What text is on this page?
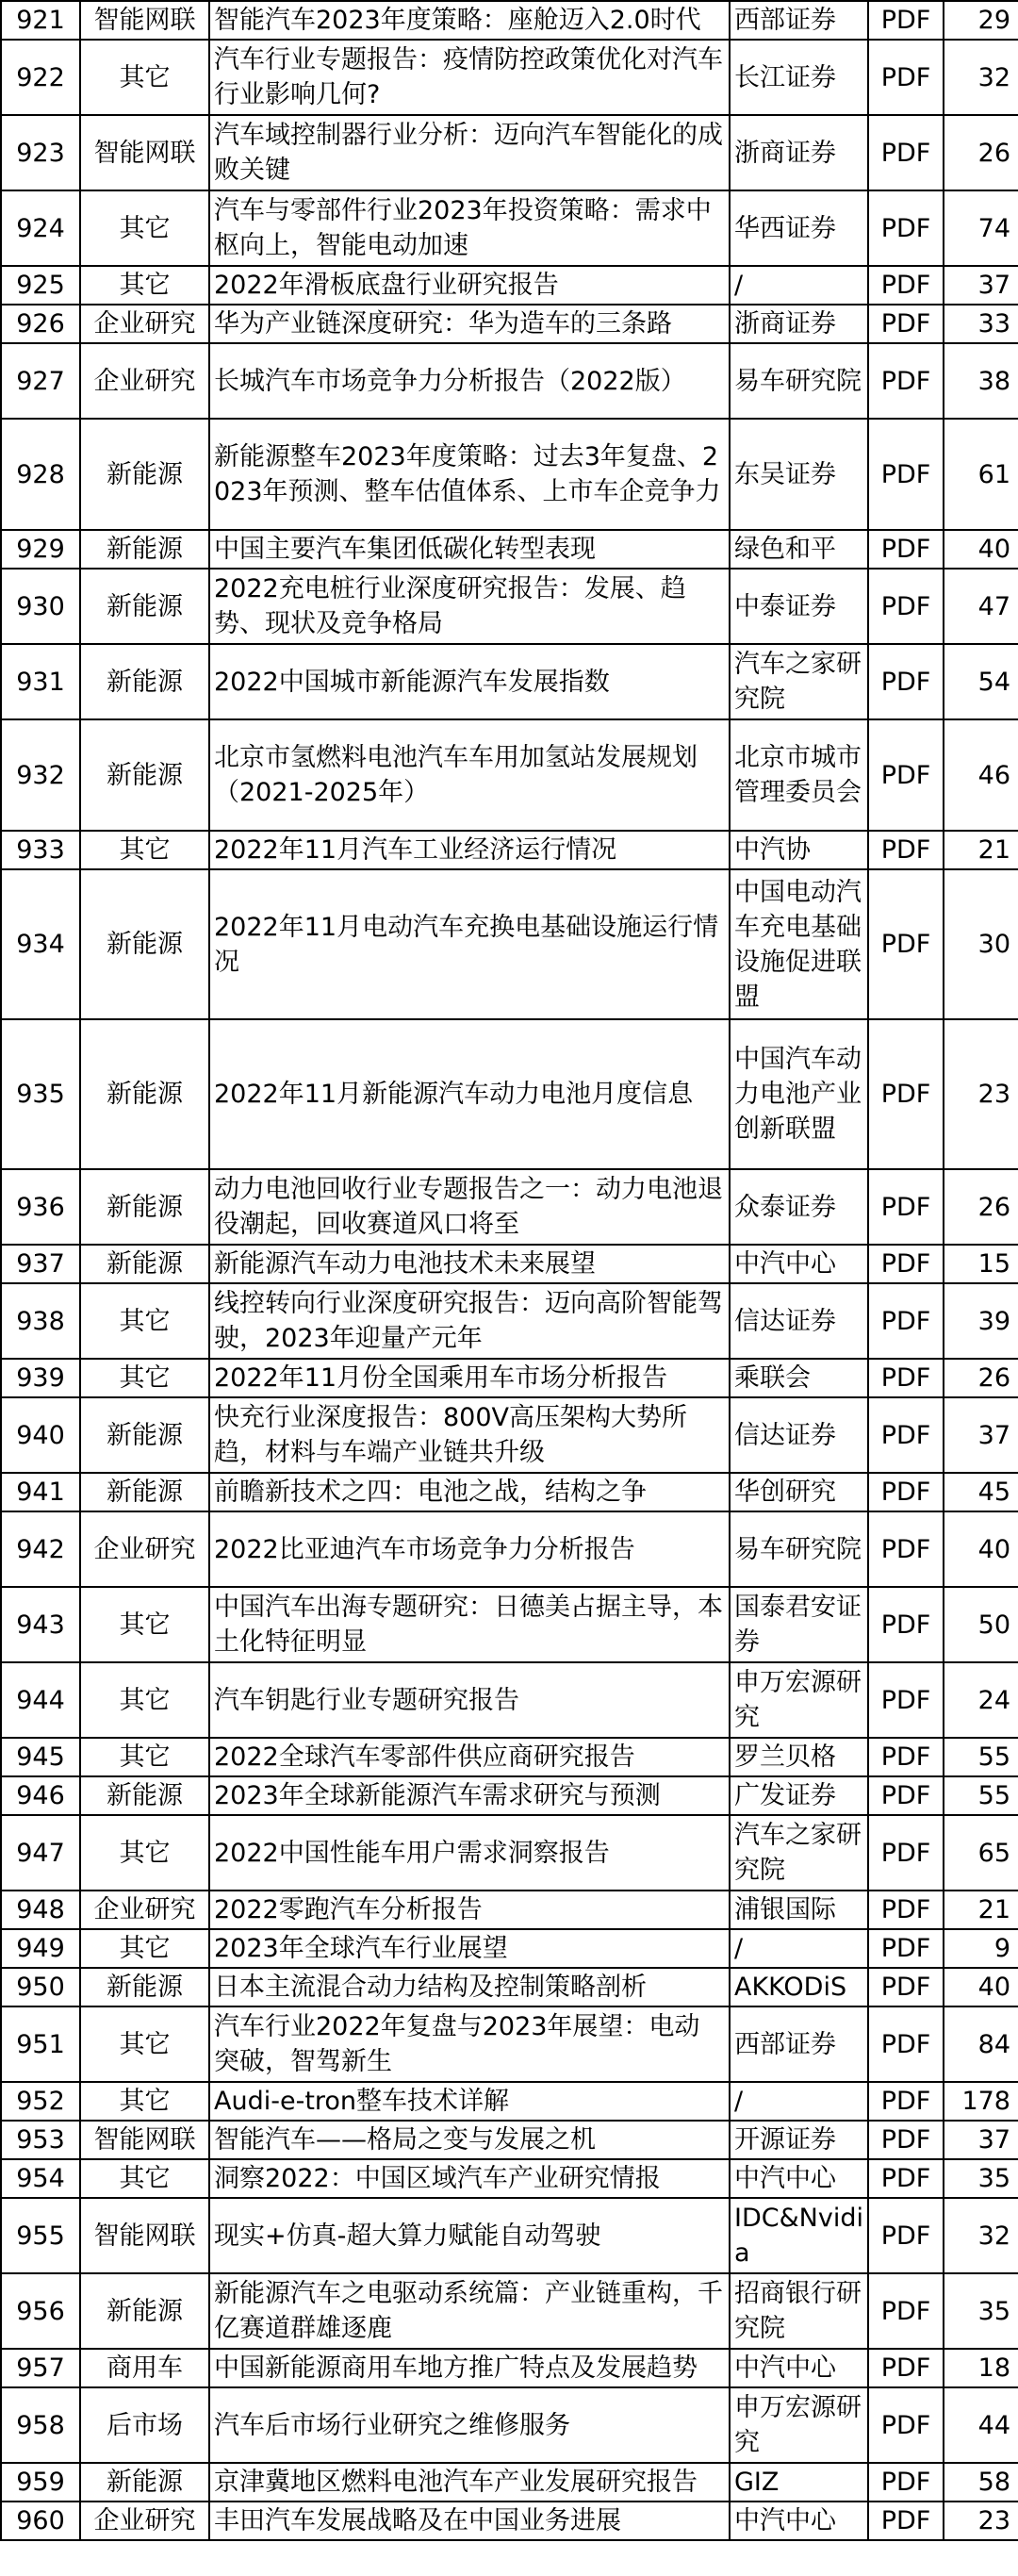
921	智能网联	智能汽车2023年度策略：座舱迈入2.0时代	西部证券	PDF	29
922	其它	汽车行业专题报告：疫情防控政策优化对汽车行业影响几何?	长江证券	PDF	32
923	智能网联	汽车域控制器行业分析：迈向汽车智能化的成败关键	浙商证券	PDF	26
924	其它	汽车与零部件行业2023年投资策略：需求中枢向上，智能电动加速	华西证券	PDF	74
925	其它	2022年滑板底盘行业研究报告	/	PDF	37
926	企业研究	华为产业链深度研究：华为造车的三条路	浙商证券	PDF	33
927	企业研究	长城汽车市场竞争力分析报告（2022版）	易车研究院	PDF	38
928	新能源	新能源整车2023年度策略：过去3年复盘、2023年预测、整车估值体系、上市车企竞争力	东吴证券	PDF	61
929	新能源	中国主要汽车集团低碳化转型表现	绿色和平	PDF	40
930	新能源	2022充电桩行业深度研究报告：发展、趋势、现状及竞争格局	中泰证券	PDF	47
931	新能源	2022中国城市新能源汽车发展指数	汽车之家研究院	PDF	54
932	新能源	北京市氢燃料电池汽车车用加氢站发展规划（2021-2025年）	北京市城市管理委员会	PDF	46
933	其它	2022年11月汽车工业经济运行情况	中汽协	PDF	21
934	新能源	2022年11月电动汽车充换电基础设施运行情况	中国电动汽车充电基础设施促进联盟	PDF	30
935	新能源	2022年11月新能源汽车动力电池月度信息	中国汽车动力电池产业创新联盟	PDF	23
936	新能源	动力电池回收行业专题报告之一：动力电池退役潮起，回收赛道风口将至	众泰证券	PDF	26
937	新能源	新能源汽车动力电池技术未来展望	中汽中心	PDF	15
938	其它	线控转向行业深度研究报告：迈向高阶智能驾驶，2023年迎量产元年	信达证券	PDF	39
939	其它	2022年11月份全国乘用车市场分析报告	乘联会	PDF	26
940	新能源	快充行业深度报告：800V高压架构大势所趋，材料与车端产业链共升级	信达证券	PDF	37
941	新能源	前瞻新技术之四：电池之战，结构之争	华创研究	PDF	45
942	企业研究	2022比亚迪汽车市场竞争力分析报告	易车研究院	PDF	40
943	其它	中国汽车出海专题研究：日德美占据主导，本土化特征明显	国泰君安证券	PDF	50
944	其它	汽车钥匙行业专题研究报告	申万宏源研究	PDF	24
945	其它	2022全球汽车零部件供应商研究报告	罗兰贝格	PDF	55
946	新能源	2023年全球新能源汽车需求研究与预测	广发证券	PDF	55
947	其它	2022中国性能车用户需求洞察报告	汽车之家研究院	PDF	65
948	企业研究	2022零跑汽车分析报告	浦银国际	PDF	21
949	其它	2023年全球汽车行业展望	/	PDF	9
950	新能源	日本主流混合动力结构及控制策略剖析	AKKODiS	PDF	40
951	其它	汽车行业2022年复盘与2023年展望：电动突破，智驾新生	西部证券	PDF	84
952	其它	Audi-e-tron整车技术详解	/	PDF	178
953	智能网联	智能汽车——格局之变与发展之机	开源证券	PDF	37
954	其它	洞察2022：中国区域汽车产业研究情报	中汽中心	PDF	35
955	智能网联	现实+仿真-超大算力赋能自动驾驶	IDC&Nvidia	PDF	32
956	新能源	新能源汽车之电驱动系统篇：产业链重构，千亿赛道群雄逐鹿	招商银行研究院	PDF	35
957	商用车	中国新能源商用车地方推广特点及发展趋势	中汽中心	PDF	18
958	后市场	汽车后市场行业研究之维修服务	申万宏源研究	PDF	44
959	新能源	京津冀地区燃料电池汽车产业发展研究报告	GIZ	PDF	58
960	企业研究	丰田汽车发展战略及在中国业务进展	中汽中心	PDF	23
